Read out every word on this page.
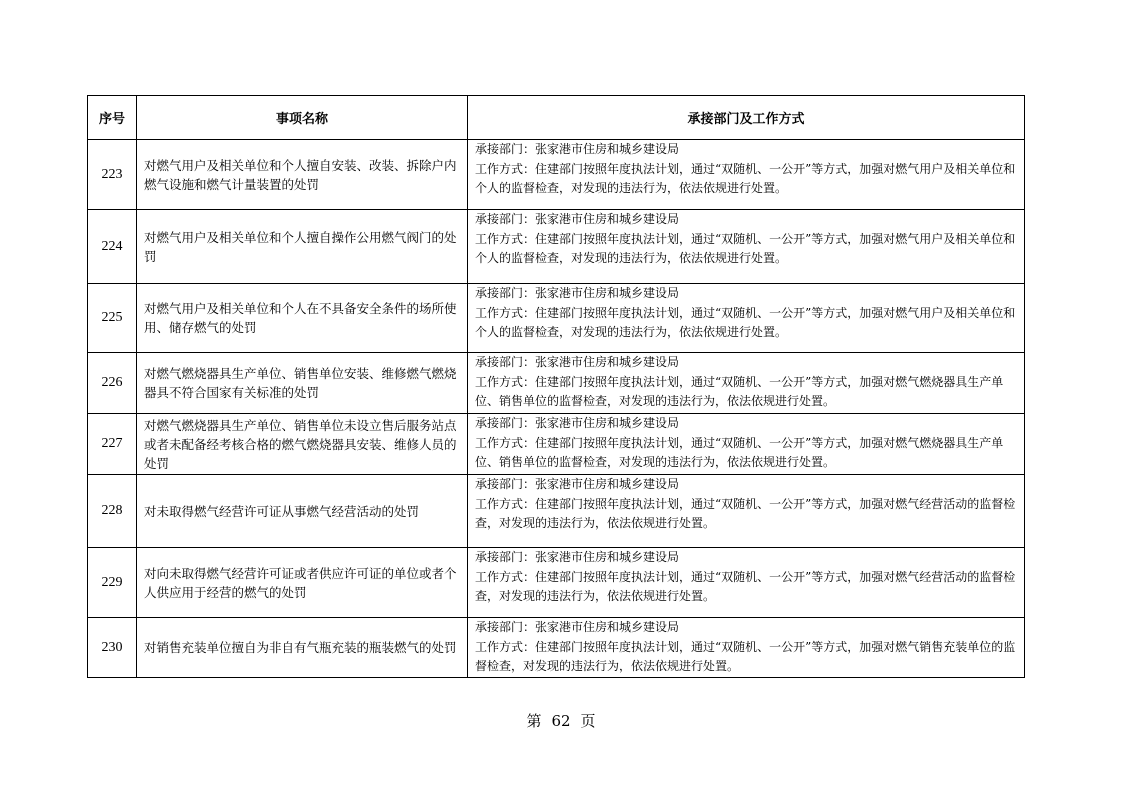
序号	事项名称	承接部门及工作方式
223	对燃气用户及相关单位和个人擅自安装、改装、拆除户内燃气设施和燃气计量装置的处罚	承接部门：张家港市住房和城乡建设局
工作方式：住建部门按照年度执法计划，通过“双随机、一公开”等方式，加强对燃气用户及相关单位和个人的监督检查，对发现的违法行为，依法依规进行处置。

224	对燃气用户及相关单位和个人擅自操作公用燃气阀门的处罚	承接部门：张家港市住房和城乡建设局
工作方式：住建部门按照年度执法计划，通过“双随机、一公开”等方式，加强对燃气用户及相关单位和个人的监督检查，对发现的违法行为，依法依规进行处置。

225	对燃气用户及相关单位和个人在不具备安全条件的场所使用、储存燃气的处罚	承接部门：张家港市住房和城乡建设局
工作方式：住建部门按照年度执法计划，通过“双随机、一公开”等方式，加强对燃气用户及相关单位和个人的监督检查，对发现的违法行为，依法依规进行处置。

226	对燃气燃烧器具生产单位、销售单位安装、维修燃气燃烧器具不符合国家有关标准的处罚	承接部门：张家港市住房和城乡建设局
工作方式：住建部门按照年度执法计划，通过“双随机、一公开”等方式，加强对燃气燃烧器具生产单位、销售单位的监督检查，对发现的违法行为，依法依规进行处置。

227	对燃气燃烧器具生产单位、销售单位未设立售后服务站点或者未配备经考核合格的燃气燃烧器具安装、维修人员的处罚	承接部门：张家港市住房和城乡建设局
工作方式：住建部门按照年度执法计划，通过“双随机、一公开”等方式，加强对燃气燃烧器具生产单位、销售单位的监督检查，对发现的违法行为，依法依规进行处置。

228	对未取得燃气经营许可证从事燃气经营活动的处罚	承接部门：张家港市住房和城乡建设局
工作方式：住建部门按照年度执法计划，通过“双随机、一公开”等方式，加强对燃气经营活动的监督检查，对发现的违法行为，依法依规进行处置。

229	对向未取得燃气经营许可证或者供应许可证的单位或者个人供应用于经营的燃气的处罚	承接部门：张家港市住房和城乡建设局
工作方式：住建部门按照年度执法计划，通过“双随机、一公开”等方式，加强对燃气经营活动的监督检查，对发现的违法行为，依法依规进行处置。

230	对销售充装单位擅自为非自有气瓶充装的瓶装燃气的处罚	承接部门：张家港市住房和城乡建设局
工作方式：住建部门按照年度执法计划，通过“双随机、一公开”等方式，加强对燃气销售充装单位的监督检查，对发现的违法行为，依法依规进行处置。
第 62 页
